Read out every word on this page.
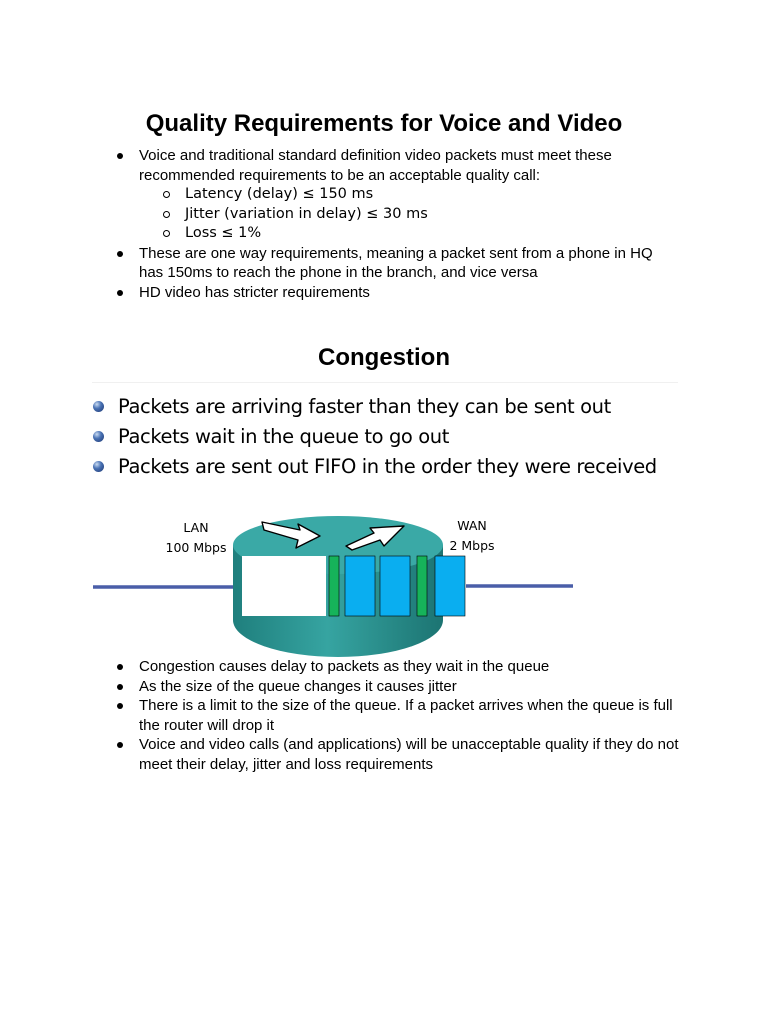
Quality Requirements for Voice and Video
Voice and traditional standard definition video packets must meet these recommended requirements to be an acceptable quality call:
Latency (delay) ≤ 150 ms
Jitter (variation in delay) ≤ 30 ms
Loss ≤ 1%
These are one way requirements, meaning a packet sent from a phone in HQ has 150ms to reach the phone in the branch, and vice versa
HD video has stricter requirements
Congestion
Packets are arriving faster than they can be sent out
Packets wait in the queue to go out
Packets are sent out FIFO in the order they were received
LAN
100 Mbps
WAN
2 Mbps
Congestion causes delay to packets as they wait in the queue
As the size of the queue changes it causes jitter
There is a limit to the size of the queue. If a packet arrives when the queue is full the router will drop it
Voice and video calls (and applications) will be unacceptable quality if they do not meet their delay, jitter and loss requirements
